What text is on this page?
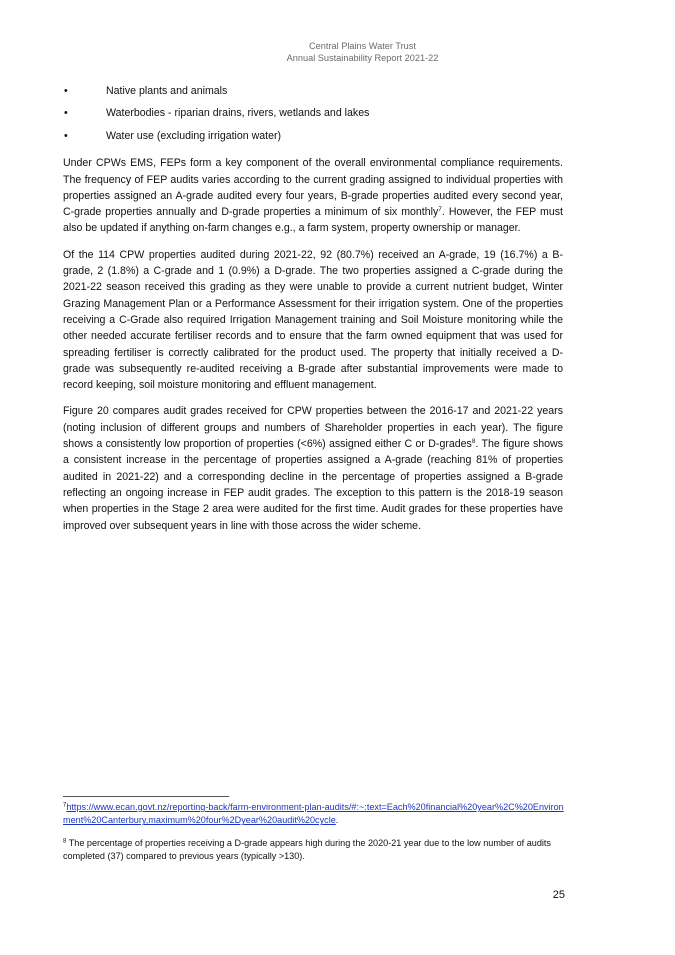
Central Plains Water Trust
Annual Sustainability Report 2021-22
•	Native plants and animals
•	Waterbodies - riparian drains, rivers, wetlands and lakes
•	Water use (excluding irrigation water)

Under CPWs EMS, FEPs form a key component of the overall environmental compliance requirements. The frequency of FEP audits varies according to the current grading assigned to individual properties with properties assigned an A-grade audited every four years, B-grade properties audited every second year, C-grade properties annually and D-grade properties a minimum of six monthly$^7$. However, the FEP must also be updated if anything on-farm changes e.g., a farm system, property ownership or manager.

Of the 114 CPW properties audited during 2021-22, 92 (80.7%) received an A-grade, 19 (16.7%) a B-grade, 2 (1.8%) a C-grade and 1 (0.9%) a D-grade. The two properties assigned a C-grade during the 2021-22 season received this grading as they were unable to provide a current nutrient budget, Winter Grazing Management Plan or a Performance Assessment for their irrigation system. One of the properties receiving a C-Grade also required Irrigation Management training and Soil Moisture monitoring while the other needed accurate fertiliser records and to ensure that the farm owned equipment that was used for spreading fertiliser is correctly calibrated for the product used. The property that initially received a D-grade was subsequently re-audited receiving a B-grade after substantial improvements were made to record keeping, soil moisture monitoring and effluent management.

Figure 20 compares audit grades received for CPW properties between the 2016-17 and 2021-22 years (noting inclusion of different groups and numbers of Shareholder properties in each year). The figure shows a consistently low proportion of properties (<6%) assigned either C or D-grades$^8$. The figure shows a consistent increase in the percentage of properties assigned a A-grade (reaching 81% of properties audited in 2021-22) and a corresponding decline in the percentage of properties assigned a B-grade reflecting an ongoing increase in FEP audit grades. The exception to this pattern is the 2018-19 season when properties in the Stage 2 area were audited for the first time. Audit grades for these properties have improved over subsequent years in line with those across the wider scheme.

$^7$https://www.ecan.govt.nz/reporting-back/farm-environment-plan-audits/#:~:text=Each%20financial%20year%2C%20Environment%20Canterbury,maximum%20four%2Dyear%20audit%20cycle.
$^8$ The percentage of properties receiving a D-grade appears high during the 2020-21 year due to the low number of audits completed (37) compared to previous years (typically >130).
25
